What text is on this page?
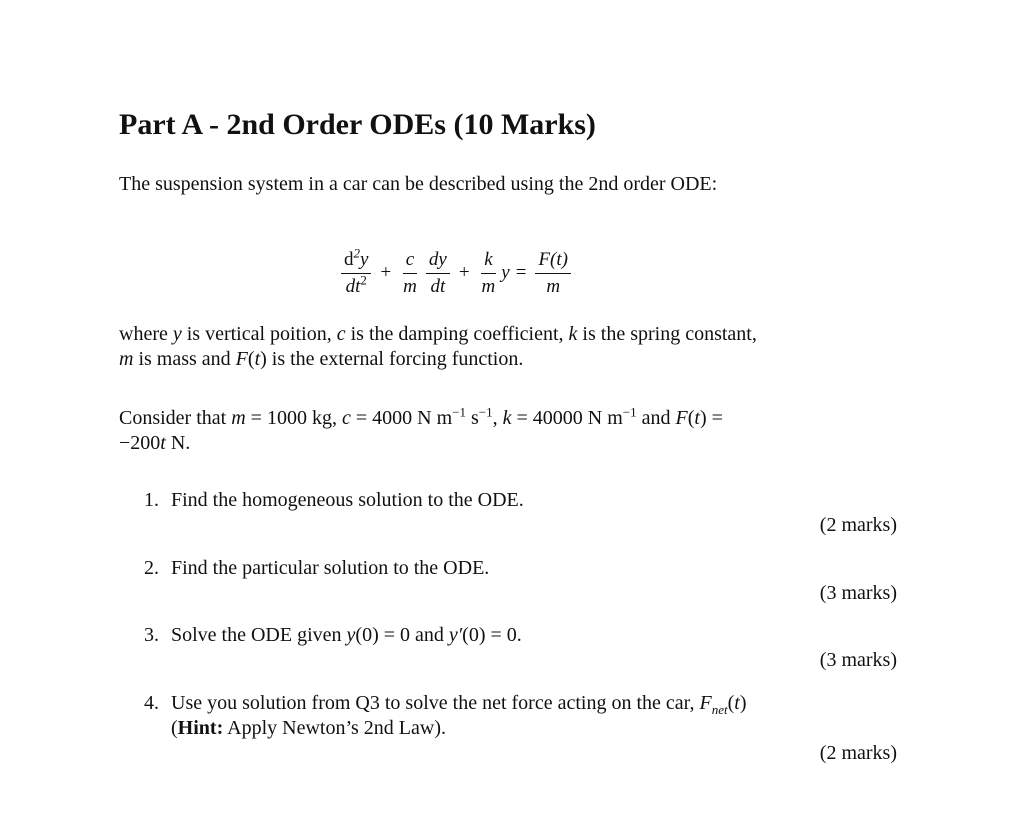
Part A - 2nd Order ODEs (10 Marks)
The suspension system in a car can be described using the 2nd order ODE:
$\frac{d^2y}{dt^2} + \frac{c}{m} \frac{dy}{dt} + \frac{k}{m}$ $y = \frac{F(t)}{m}$
where y is vertical poition, c is the damping coefficient, k is the spring constant,
m is mass and F(t) is the external forcing function.
Consider that m = 1000 kg, c = 4000 N $m^{-1}$ $s^{-1}$, k = 40000 N $m^{-1}$ and F(t) =
−200t N.
1. Find the homogeneous solution to the ODE.
(2 marks)
2. Find the particular solution to the ODE.
(3 marks)
3. Solve the ODE given y(0) = 0 and y′(0) = 0.
(3 marks)
4. Use you solution from Q3 to solve the net force acting on the car, $F_{net}(t)$
(Hint: Apply Newton’s 2nd Law).
(2 marks)
